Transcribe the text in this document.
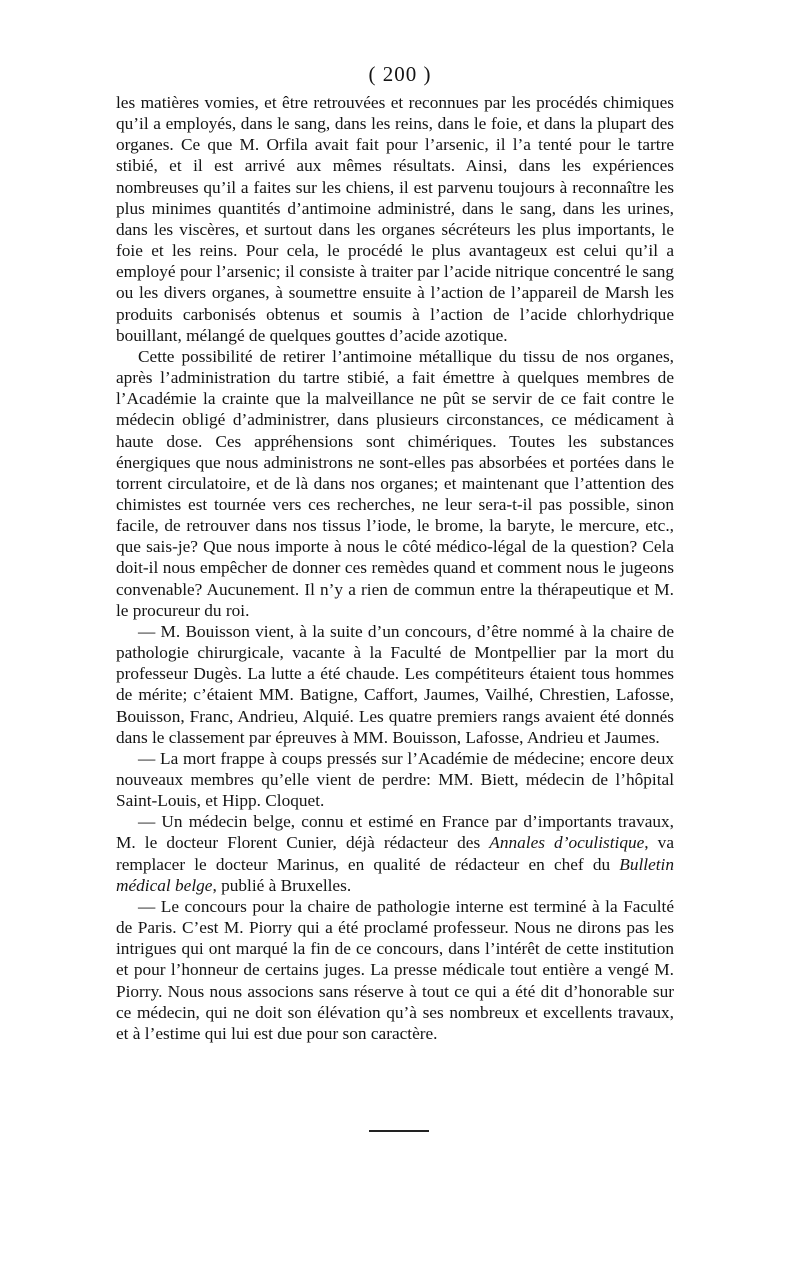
( 200 )

les matières vomies, et être retrouvées et reconnues par les procédés chimiques qu’il a employés, dans le sang, dans les reins, dans le foie, et dans la plupart des organes. Ce que M. Orfila avait fait pour l’arsenic, il l’a tenté pour le tartre stibié, et il est arrivé aux mêmes résultats. Ainsi, dans les expériences nombreuses qu’il a faites sur les chiens, il est parvenu toujours à reconnaître les plus minimes quantités d’antimoine administré, dans le sang, dans les urines, dans les viscères, et surtout dans les organes sécréteurs les plus importants, le foie et les reins. Pour cela, le procédé le plus avantageux est celui qu’il a employé pour l’arsenic; il consiste à traiter par l’acide nitrique concentré le sang ou les divers organes, à soumettre ensuite à l’action de l’appareil de Marsh les produits carbonisés obtenus et soumis à l’action de l’acide chlorhydrique bouillant, mélangé de quelques gouttes d’acide azotique.

Cette possibilité de retirer l’antimoine métallique du tissu de nos organes, après l’administration du tartre stibié, a fait émettre à quelques membres de l’Académie la crainte que la malveillance ne pût se servir de ce fait contre le médecin obligé d’administrer, dans plusieurs circonstances, ce médicament à haute dose. Ces appréhensions sont chimériques. Toutes les substances énergiques que nous administrons ne sont-elles pas absorbées et portées dans le torrent circulatoire, et de là dans nos organes; et maintenant que l’attention des chimistes est tournée vers ces recherches, ne leur sera-t-il pas possible, sinon facile, de retrouver dans nos tissus l’iode, le brome, la baryte, le mercure, etc., que sais-je? Que nous importe à nous le côté médico-légal de la question? Cela doit-il nous empêcher de donner ces remèdes quand et comment nous le jugeons convenable? Aucunement. Il n’y a rien de commun entre la thérapeutique et M. le procureur du roi.

— M. Bouisson vient, à la suite d’un concours, d’être nommé à la chaire de pathologie chirurgicale, vacante à la Faculté de Montpellier par la mort du professeur Dugès. La lutte a été chaude. Les compétiteurs étaient tous hommes de mérite; c’étaient MM. Batigne, Caffort, Jaumes, Vailhé, Chrestien, Lafosse, Bouisson, Franc, Andrieu, Alquié. Les quatre premiers rangs avaient été donnés dans le classement par épreuves à MM. Bouisson, Lafosse, Andrieu et Jaumes.

— La mort frappe à coups pressés sur l’Académie de médecine; encore deux nouveaux membres qu’elle vient de perdre: MM. Biett, médecin de l’hôpital Saint-Louis, et Hipp. Cloquet.

— Un médecin belge, connu et estimé en France par d’importants travaux, M. le docteur Florent Cunier, déjà rédacteur des Annales d’oculistique, va remplacer le docteur Marinus, en qualité de rédacteur en chef du Bulletin médical belge, publié à Bruxelles.

— Le concours pour la chaire de pathologie interne est terminé à la Faculté de Paris. C’est M. Piorry qui a été proclamé professeur. Nous ne dirons pas les intrigues qui ont marqué la fin de ce concours, dans l’intérêt de cette institution et pour l’honneur de certains juges. La presse médicale tout entière a vengé M. Piorry. Nous nous associons sans réserve à tout ce qui a été dit d’honorable sur ce médecin, qui ne doit son élévation qu’à ses nombreux et excellents travaux, et à l’estime qui lui est due pour son caractère.
